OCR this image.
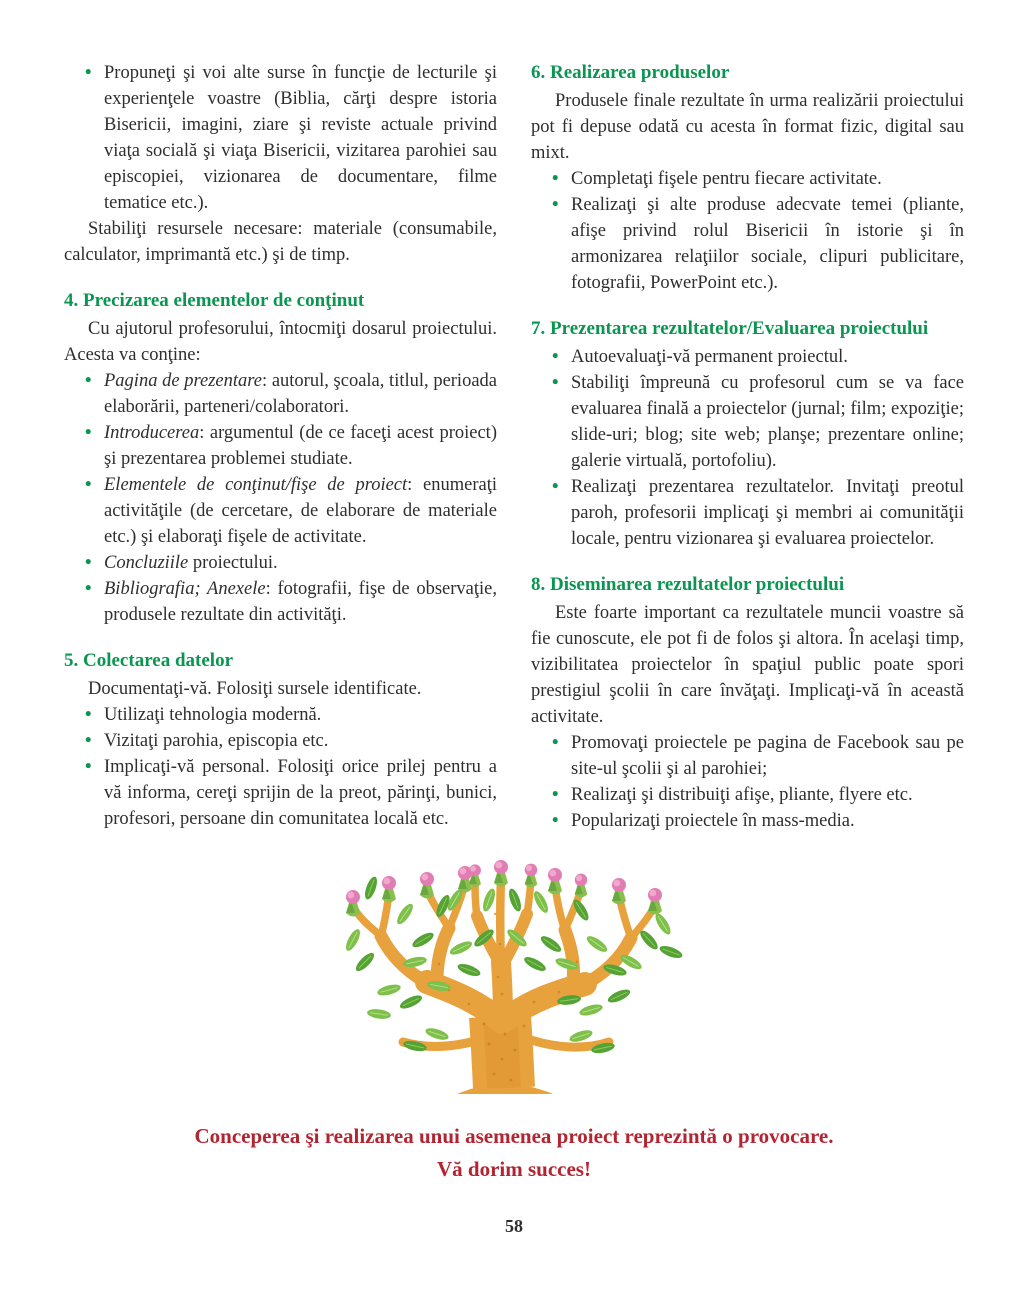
• Propuneţi şi voi alte surse în funcţie de lecturile şi experienţele voastre (Biblia, cărţi despre istoria Bisericii, imagini, ziare şi reviste actuale privind viaţa socială şi viaţa Bisericii, vizitarea parohiei sau episcopiei, vizionarea de documentare, filme tematice etc.).

Stabiliţi resursele necesare: materiale (consumabile, calculator, imprimantă etc.) şi de timp.

4. Precizarea elementelor de conţinut

Cu ajutorul profesorului, întocmiţi dosarul proiectului. Acesta va conţine:

• Pagina de prezentare: autorul, şcoala, titlul, perioada elaborării, parteneri/colaboratori.
• Introducerea: argumentul (de ce faceţi acest proiect) şi prezentarea problemei studiate.
• Elementele de conţinut/fişe de proiect: enumeraţi activităţile (de cercetare, de elaborare de materiale etc.) şi elaboraţi fişele de activitate.
• Concluziile proiectului.
• Bibliografia; Anexele: fotografii, fişe de observaţie, produsele rezultate din activităţi.
5. Colectarea datelor

Documentaţi-vă. Folosiţi sursele identificate.

• Utilizaţi tehnologia modernă.
• Vizitaţi parohia, episcopia etc.
• Implicaţi-vă personal. Folosiţi orice prilej pentru a vă informa, cereţi sprijin de la preot, părinţi, bunici, profesori, persoane din comunitatea locală etc.
6. Realizarea produselor

Produsele finale rezultate în urma realizării proiectului pot fi depuse odată cu acesta în format fizic, digital sau mixt.

• Completaţi fişele pentru fiecare activitate.
• Realizaţi şi alte produse adecvate temei (pliante, afişe privind rolul Bisericii în istorie şi în armonizarea relaţiilor sociale, clipuri publicitare, fotografii, PowerPoint etc.).
7. Prezentarea rezultatelor/Evaluarea proiectului
• Autoevaluaţi-vă permanent proiectul.
• Stabiliţi împreună cu profesorul cum se va face evaluarea finală a proiectelor (jurnal; film; expoziţie; slide-uri; blog; site web; planşe; prezentare online; galerie virtuală, portofoliu).
• Realizaţi prezentarea rezultatelor. Invitaţi preotul paroh, profesorii implicaţi şi membri ai comunităţii locale, pentru vizionarea şi evaluarea proiectelor.
8. Diseminarea rezultatelor proiectului

Este foarte important ca rezultatele muncii voastre să fie cunoscute, ele pot fi de folos şi altora. În acelaşi timp, vizibilitatea proiectelor în spaţiul public poate spori prestigiul şcolii în care învăţaţi. Implicaţi-vă în această activitate.

• Promovaţi proiectele pe pagina de Facebook sau pe site-ul şcolii şi al parohiei;
• Realizaţi şi distribuiţi afişe, pliante, flyere etc.
• Popularizaţi proiectele în mass-media.
Conceperea şi realizarea unui asemenea proiect reprezintă o provocare.
Vă dorim succes!
58
